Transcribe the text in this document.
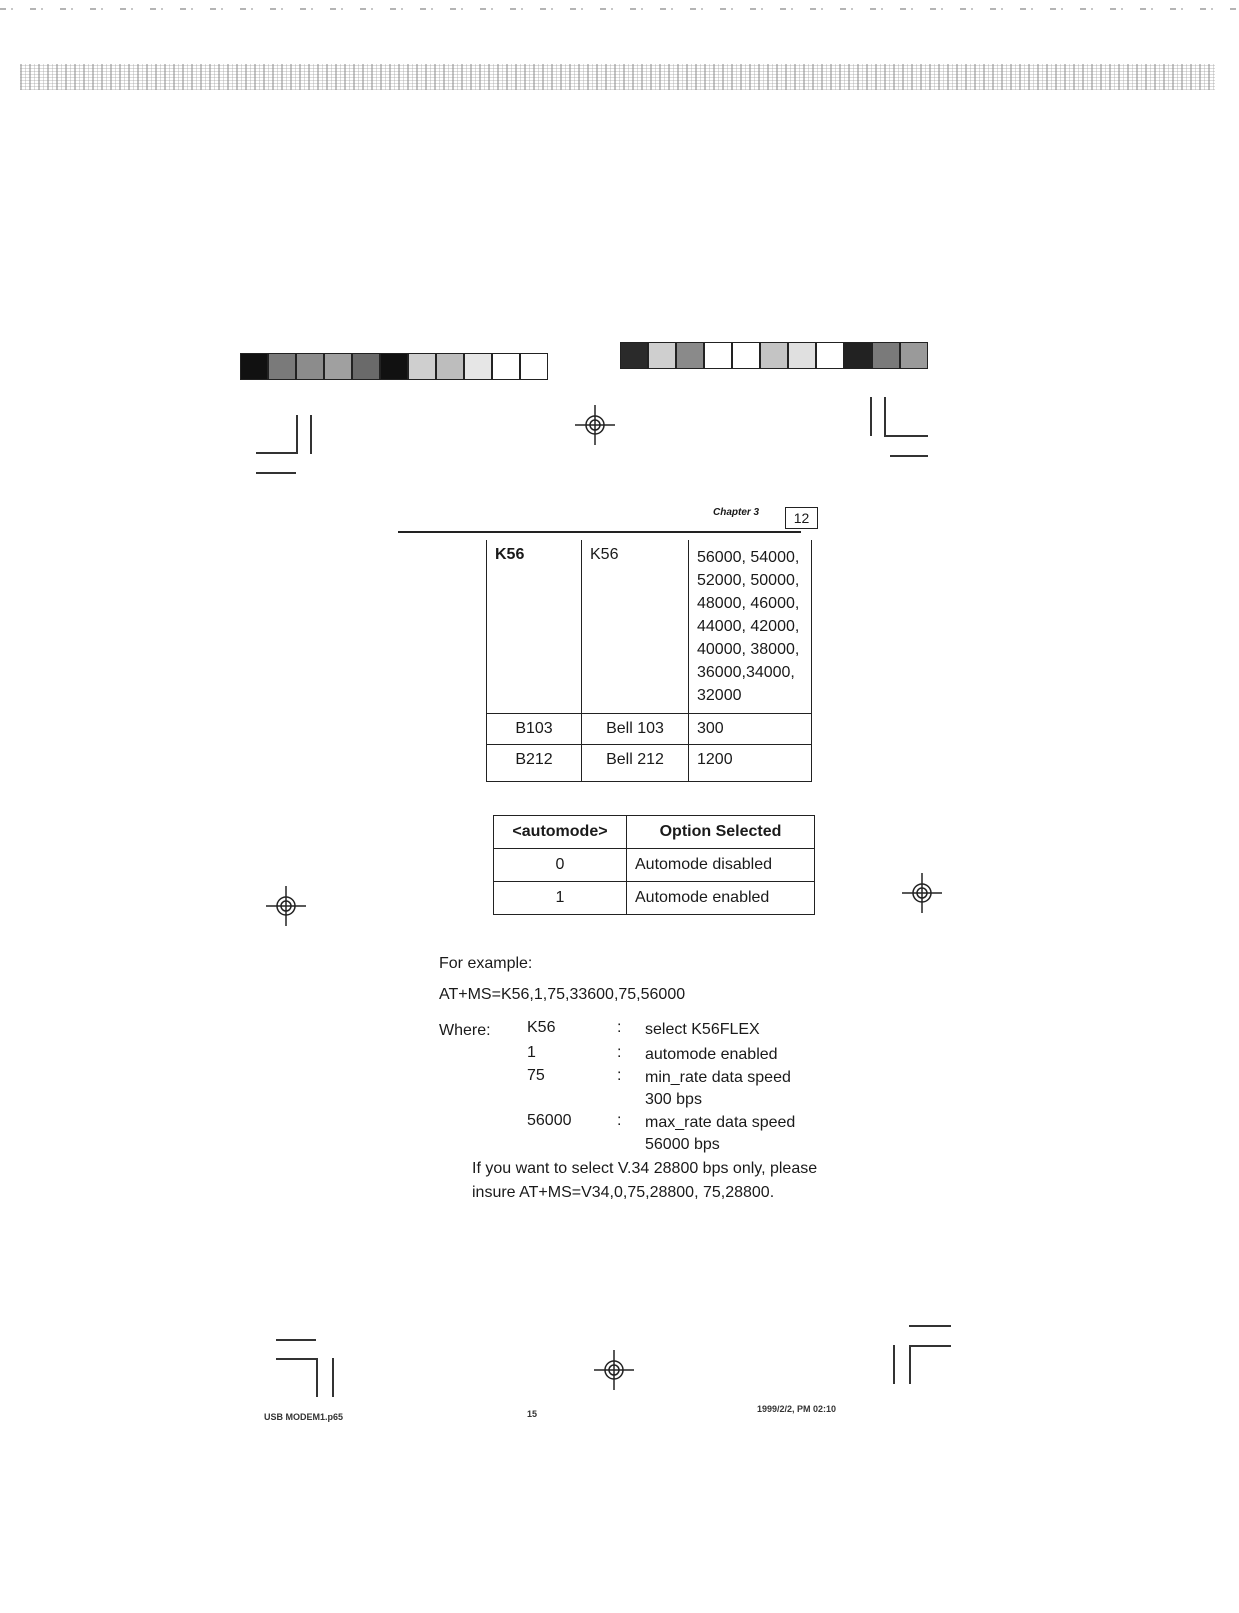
Chapter 3	12
K56	K56	56000, 54000, 52000, 50000, 48000, 46000, 44000, 42000, 40000, 38000, 36000,34000, 32000
B103	Bell 103	300
B212	Bell 212	1200
<automode>	Option Selected
0	Automode disabled
1	Automode enabled
For example:
AT+MS=K56,1,75,33600,75,56000
Where: K56	: select K56FLEX
1	: automode enabled
75	: min_rate data speed 300 bps
56000	: max_rate data speed 56000 bps
If you want to select V.34 28800 bps only, please insure AT+MS=V34,0,75,28800, 75,28800.
USB MODEM1.p65	15	1999/2/2, PM 02:10
